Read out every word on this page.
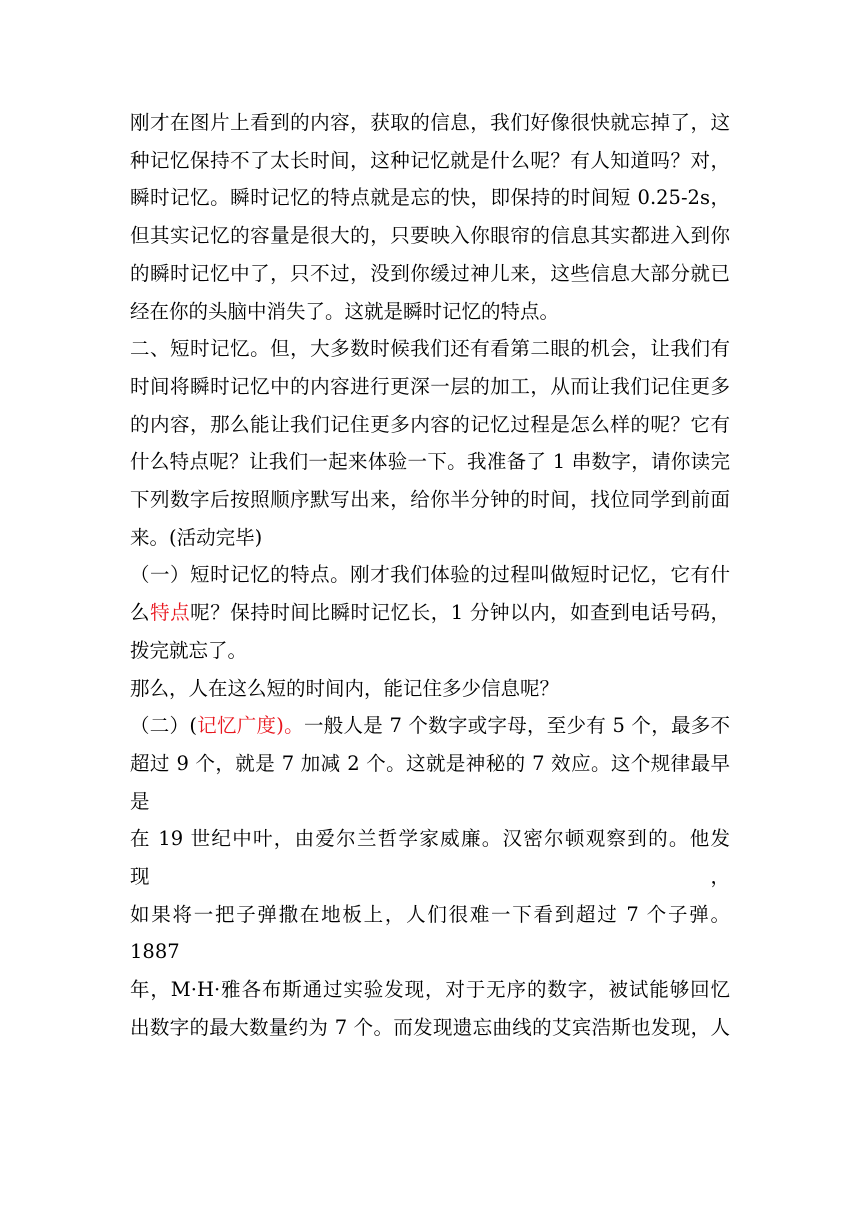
刚才在图片上看到的内容，获取的信息，我们好像很快就忘掉了，这
种记忆保持不了太长时间，这种记忆就是什么呢？有人知道吗？对，
瞬时记忆。瞬时记忆的特点就是忘的快，即保持的时间短 0.25-2s，
但其实记忆的容量是很大的，只要映入你眼帘的信息其实都进入到你
的瞬时记忆中了，只不过，没到你缓过神儿来，这些信息大部分就已
经在你的头脑中消失了。这就是瞬时记忆的特点。
二、短时记忆。但，大多数时候我们还有看第二眼的机会，让我们有
时间将瞬时记忆中的内容进行更深一层的加工，从而让我们记住更多
的内容，那么能让我们记住更多内容的记忆过程是怎么样的呢？它有
什么特点呢？让我们一起来体验一下。我准备了 1 串数字，请你读完
下列数字后按照顺序默写出来，给你半分钟的时间，找位同学到前面
来。(活动完毕)
（一）短时记忆的特点。刚才我们体验的过程叫做短时记忆，它有什
么特点呢？保持时间比瞬时记忆长，1 分钟以内，如查到电话号码，
拨完就忘了。
那么，人在这么短的时间内，能记住多少信息呢？
（二）(记忆广度)。一般人是 7 个数字或字母，至少有 5 个，最多不
超过 9 个，就是 7 加减 2 个。这就是神秘的 7 效应。这个规律最早是
在 19 世纪中叶，由爱尔兰哲学家威廉。汉密尔顿观察到的。他发现，
如果将一把子弹撒在地板上，人们很难一下看到超过 7 个子弹。1887
年，M·H·雅各布斯通过实验发现，对于无序的数字，被试能够回忆
出数字的最大数量约为 7 个。而发现遗忘曲线的艾宾浩斯也发现，人
